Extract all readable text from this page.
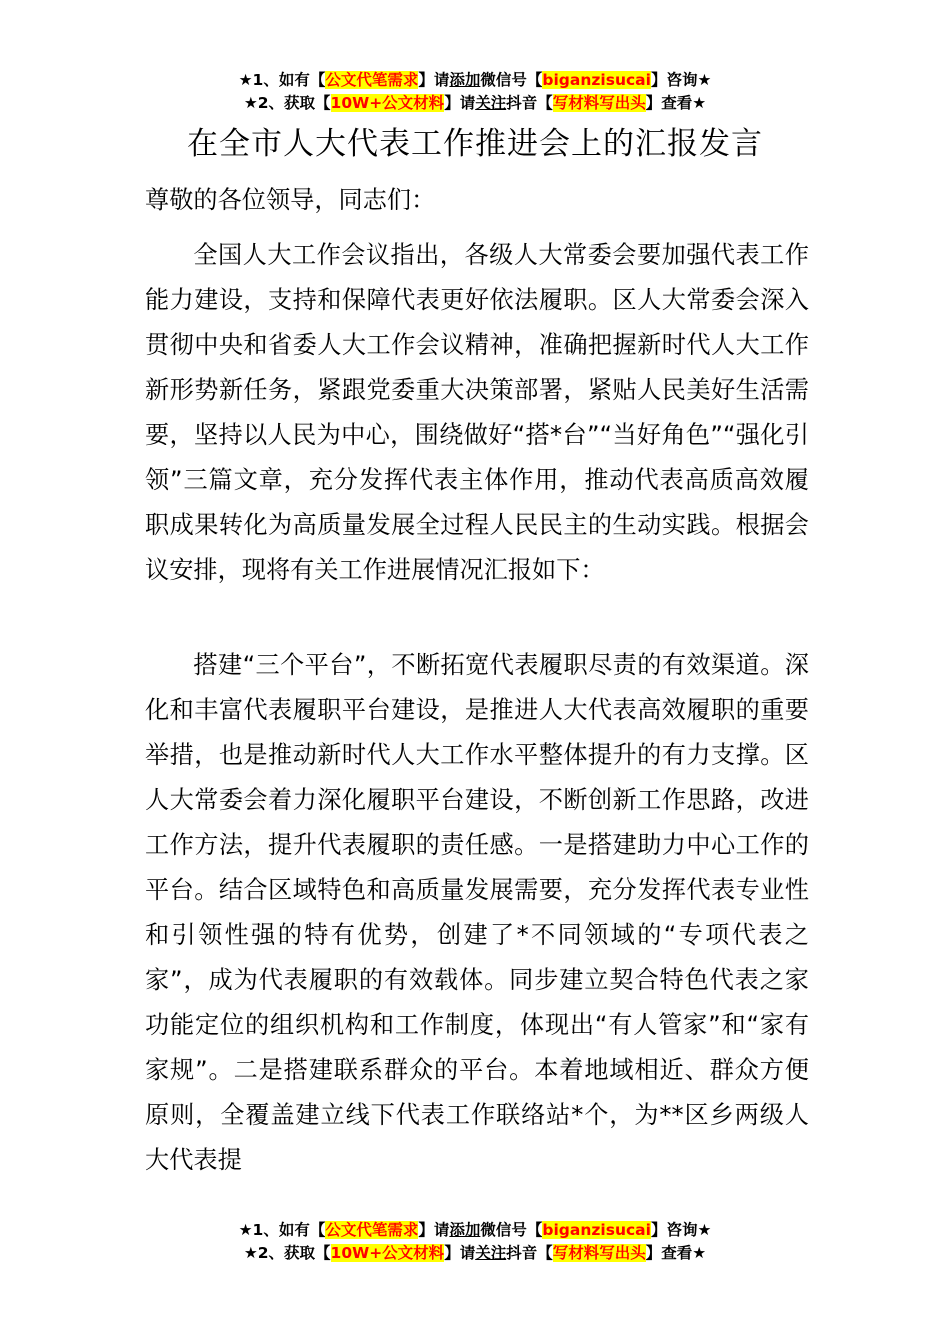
★1、如有【公文代笔需求】请添加微信号【biganzisucai】咨询★
★2、获取【10W+公文材料】请关注抖音【写材料写出头】查看★
在全市人大代表工作推进会上的汇报发言
尊敬的各位领导，同志们：

全国人大工作会议指出，各级人大常委会要加强代表工作能力建设，支持和保障代表更好依法履职。区人大常委会深入贯彻中央和省委人大工作会议精神，准确把握新时代人大工作新形势新任务，紧跟党委重大决策部署，紧贴人民美好生活需要，坚持以人民为中心，围绕做好“搭*台”“当好角色”“强化引领”三篇文章，充分发挥代表主体作用，推动代表高质高效履职成果转化为高质量发展全过程人民民主的生动实践。根据会议安排，现将有关工作进展情况汇报如下：

搭建“三个平台”，不断拓宽代表履职尽责的有效渠道。深化和丰富代表履职平台建设，是推进人大代表高效履职的重要举措，也是推动新时代人大工作水平整体提升的有力支撑。区人大常委会着力深化履职平台建设，不断创新工作思路，改进工作方法，提升代表履职的责任感。一是搭建助力中心工作的平台。结合区域特色和高质量发展需要，充分发挥代表专业性和引领性强的特有优势，创建了*不同领域的“专项代表之家”，成为代表履职的有效载体。同步建立契合特色代表之家功能定位的组织机构和工作制度，体现出“有人管家”和“家有家规”。二是搭建联系群众的平台。本着地域相近、群众方便原则，全覆盖建立线下代表工作联络站*个，为**区乡两级人大代表提

★1、如有【公文代笔需求】请添加微信号【biganzisucai】咨询★
★2、获取【10W+公文材料】请关注抖音【写材料写出头】查看★
